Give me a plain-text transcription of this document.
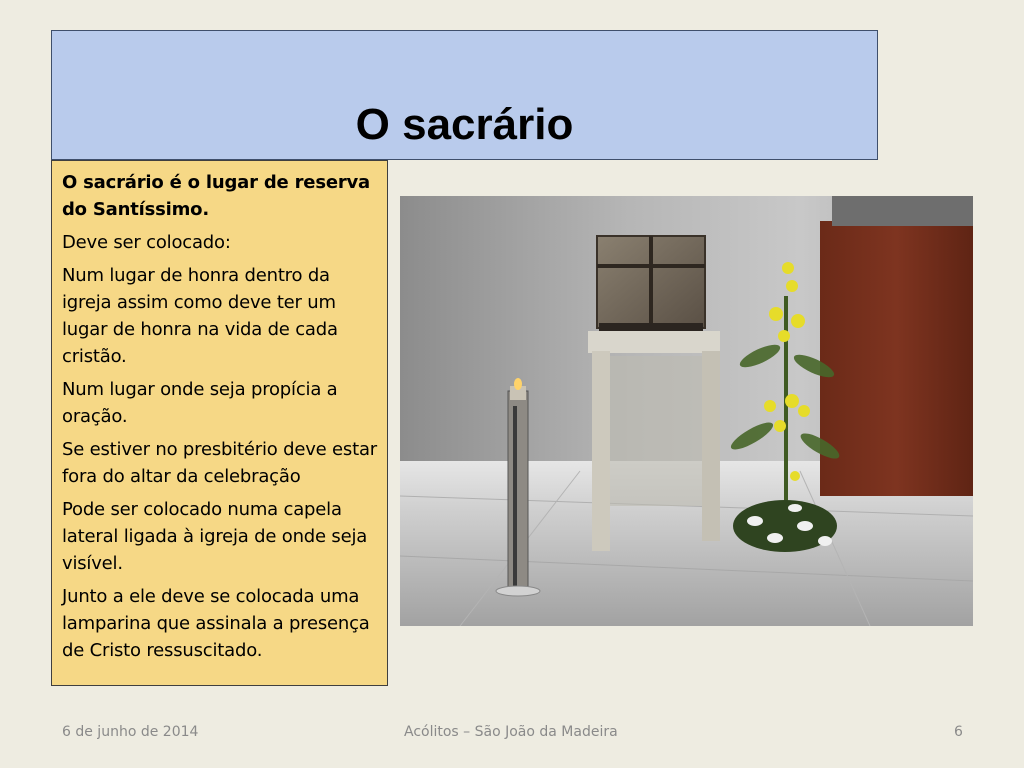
O sacrário

O sacrário é o lugar de reserva do Santíssimo.

Deve ser colocado:

Num lugar de honra dentro da igreja assim como deve ter um lugar de honra na vida de cada cristão.

Num lugar onde seja propícia a oração.

Se estiver no presbitério deve estar fora do altar da celebração

Pode ser colocado numa capela lateral ligada à igreja de onde seja visível.

Junto a ele deve se colocada uma lamparina que assinala a presença de Cristo ressuscitado.

6 de junho de 2014	Acólitos – São João da Madeira	6
